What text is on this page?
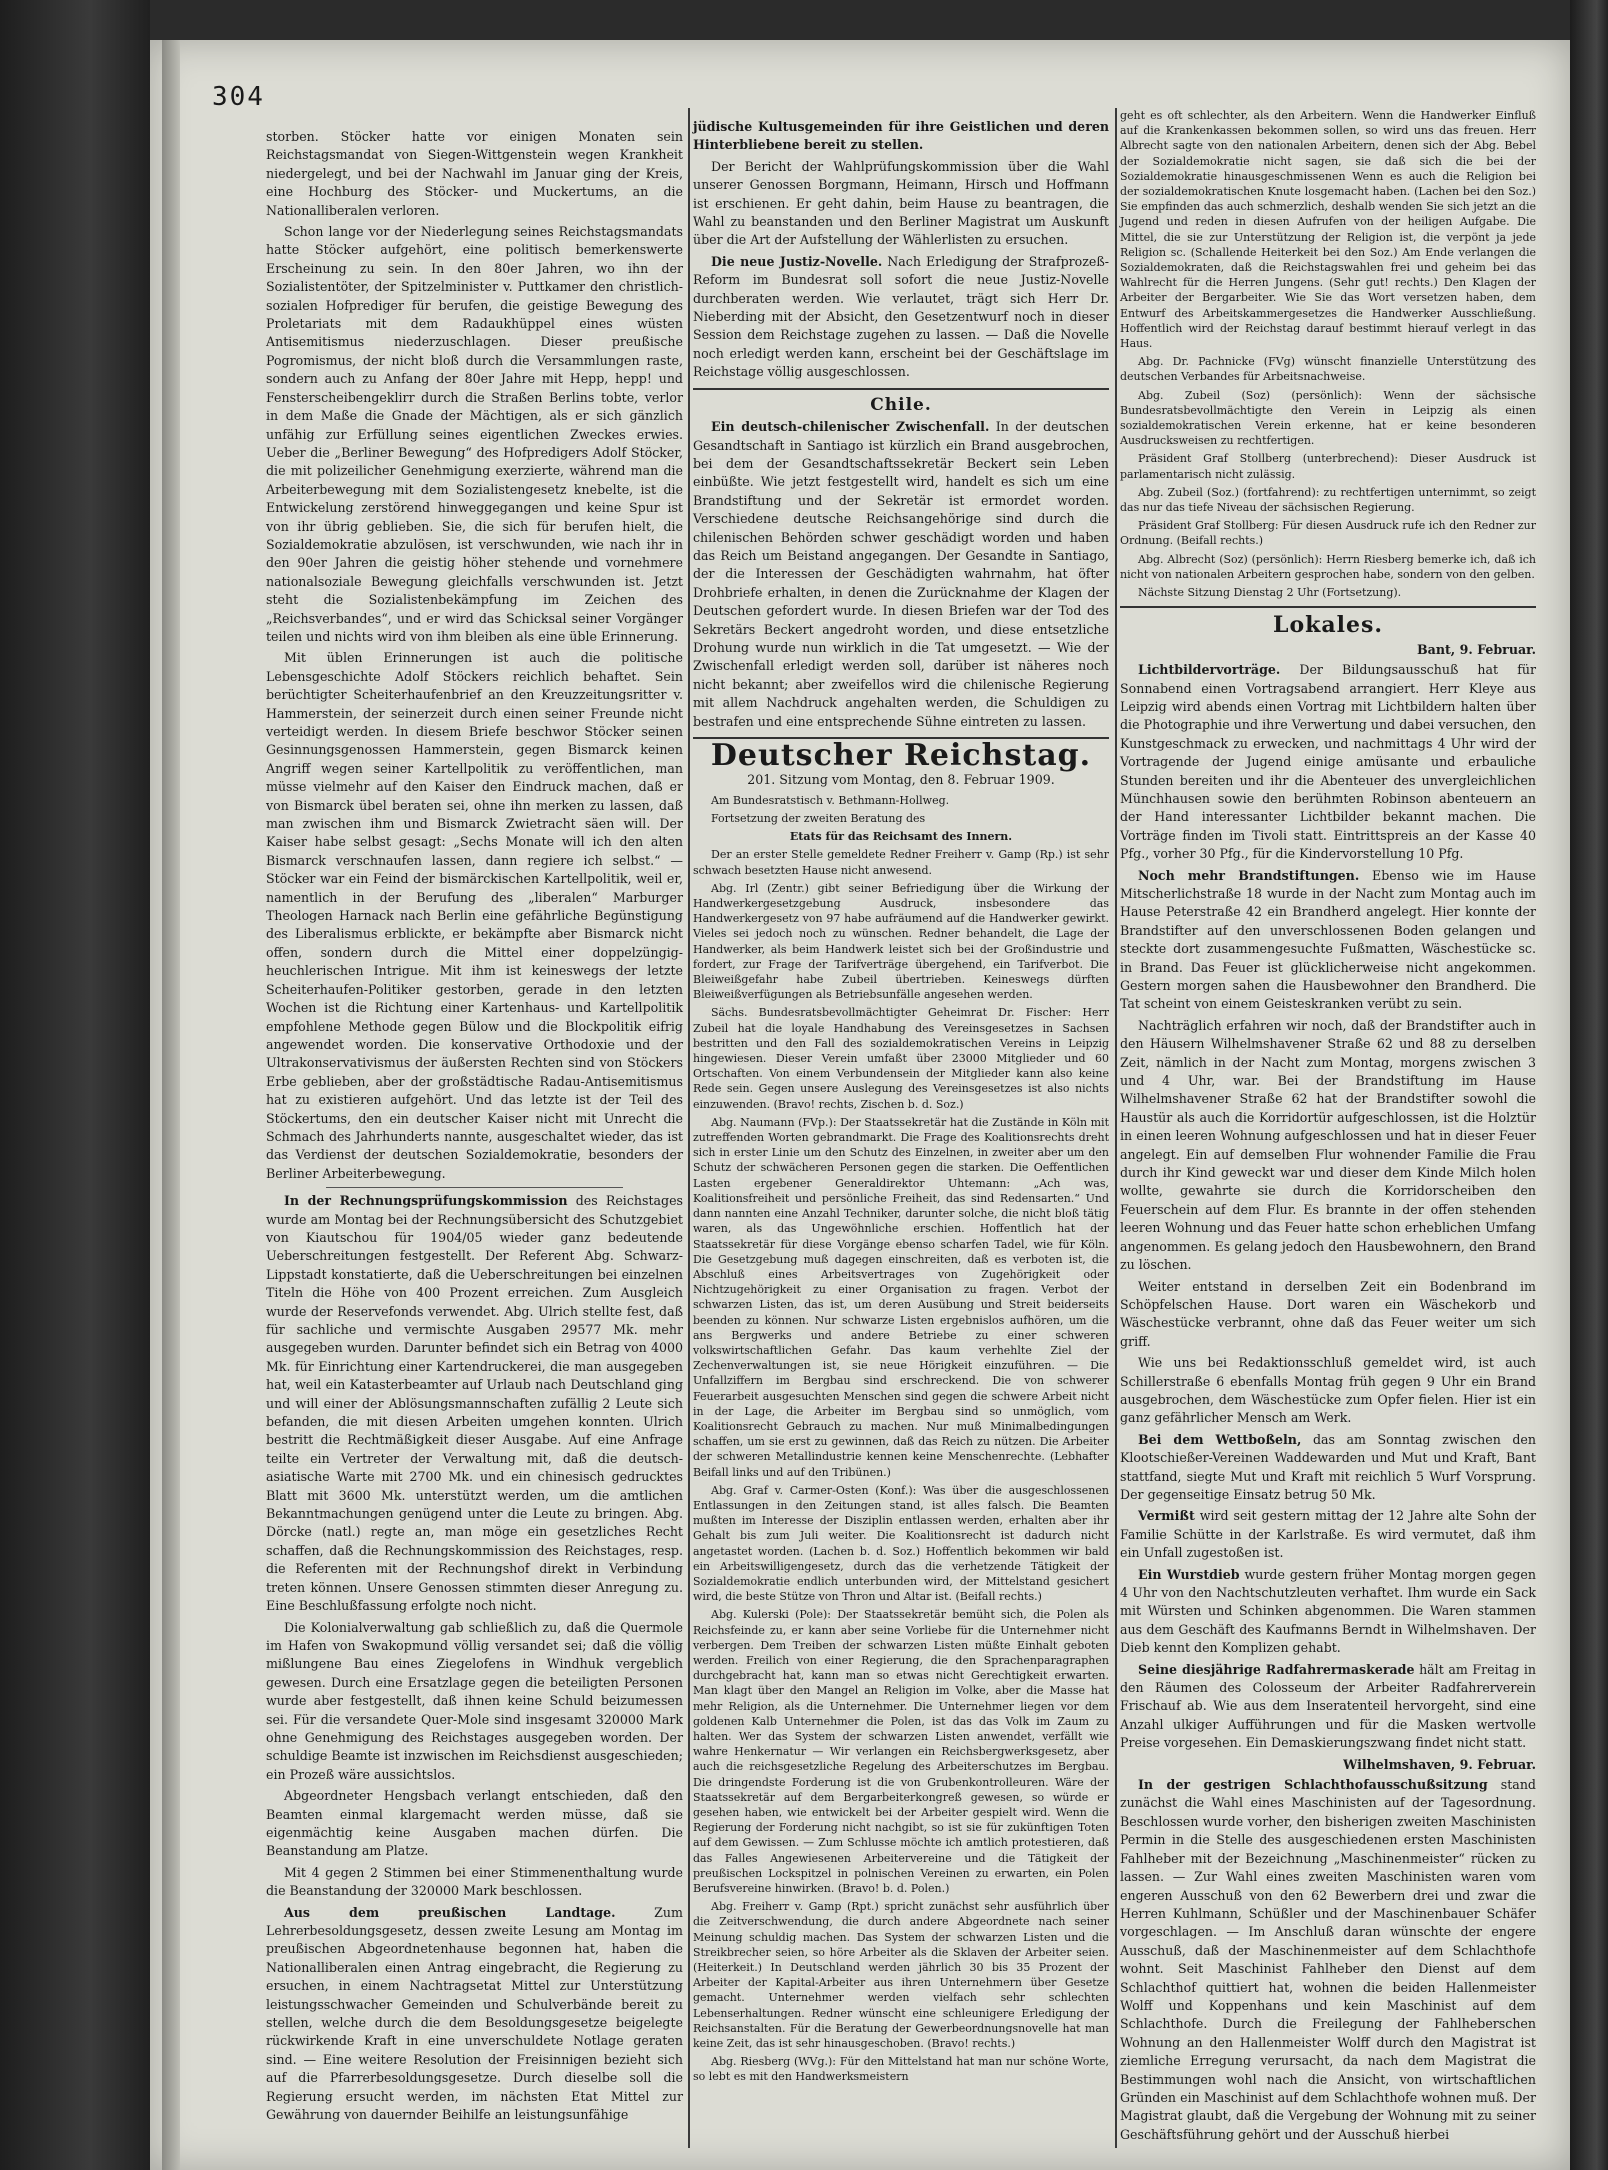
304

storben. Stöcker hatte vor einigen Monaten sein Reichstagsmandat von Siegen-Wittgenstein wegen Krankheit niedergelegt, und bei der Nachwahl im Januar ging der Kreis, eine Hochburg des Stöcker- und Muckertums, an die Nationalliberalen verloren.

Schon lange vor der Niederlegung seines Reichstagsmandats hatte Stöcker aufgehört, eine politisch bemerkenswerte Erscheinung zu sein. In den 80er Jahren, wo ihn der Sozialistentöter, der Spitzelminister v. Puttkamer den christlich-sozialen Hofprediger für berufen, die geistige Bewegung des Proletariats mit dem Radaukhüppel eines wüsten Antisemitismus niederzuschlagen. Dieser preußische Pogromismus, der nicht bloß durch die Versammlungen raste, sondern auch zu Anfang der 80er Jahre mit Hepp, hepp! und Fensterscheibengeklirr durch die Straßen Berlins tobte, verlor in dem Maße die Gnade der Mächtigen, als er sich gänzlich unfähig zur Erfüllung seines eigentlichen Zweckes erwies. Ueber die „Berliner Bewegung“ des Hofpredigers Adolf Stöcker, die mit polizeilicher Genehmigung exerzierte, während man die Arbeiterbewegung mit dem Sozialistengesetz knebelte, ist die Entwickelung zerstörend hinweggegangen und keine Spur ist von ihr übrig geblieben. Sie, die sich für berufen hielt, die Sozialdemokratie abzulösen, ist verschwunden, wie nach ihr in den 90er Jahren die geistig höher stehende und vornehmere nationalsoziale Bewegung gleichfalls verschwunden ist. Jetzt steht die Sozialistenbekämpfung im Zeichen des „Reichsverbandes“, und er wird das Schicksal seiner Vorgänger teilen und nichts wird von ihm bleiben als eine üble Erinnerung.

Mit üblen Erinnerungen ist auch die politische Lebensgeschichte Adolf Stöckers reichlich behaftet. Sein berüchtigter Scheiterhaufenbrief an den Kreuzzeitungsritter v. Hammerstein, der seinerzeit durch einen seiner Freunde nicht verteidigt werden. In diesem Briefe beschwor Stöcker seinen Gesinnungsgenossen Hammerstein, gegen Bismarck keinen Angriff wegen seiner Kartellpolitik zu veröffentlichen, man müsse vielmehr auf den Kaiser den Eindruck machen, daß er von Bismarck übel beraten sei, ohne ihn merken zu lassen, daß man zwischen ihm und Bismarck Zwietracht säen will. Der Kaiser habe selbst gesagt: „Sechs Monate will ich den alten Bismarck verschnaufen lassen, dann regiere ich selbst.“ — Stöcker war ein Feind der bismärckischen Kartellpolitik, weil er, namentlich in der Berufung des „liberalen“ Marburger Theologen Harnack nach Berlin eine gefährliche Begünstigung des Liberalismus erblickte, er bekämpfte aber Bismarck nicht offen, sondern durch die Mittel einer doppelzüngig-heuchlerischen Intrigue. Mit ihm ist keineswegs der letzte Scheiterhaufen-Politiker gestorben, gerade in den letzten Wochen ist die Richtung einer Kartenhaus- und Kartellpolitik empfohlene Methode gegen Bülow und die Blockpolitik eifrig angewendet worden. Die konservative Orthodoxie und der Ultrakonservativismus der äußersten Rechten sind von Stöckers Erbe geblieben, aber der großstädtische Radau-Antisemitismus hat zu existieren aufgehört. Und das letzte ist der Teil des Stöckertums, den ein deutscher Kaiser nicht mit Unrecht die Schmach des Jahrhunderts nannte, ausgeschaltet wieder, das ist das Verdienst der deutschen Sozialdemokratie, besonders der Berliner Arbeiterbewegung.

In der Rechnungsprüfungskommission des Reichstages wurde am Montag bei der Rechnungsübersicht des Schutzgebiet von Kiautschou für 1904/05 wieder ganz bedeutende Ueberschreitungen festgestellt. Der Referent Abg. Schwarz-Lippstadt konstatierte, daß die Ueberschreitungen bei einzelnen Titeln die Höhe von 400 Prozent erreichen. Zum Ausgleich wurde der Reservefonds verwendet. Abg. Ulrich stellte fest, daß für sachliche und vermischte Ausgaben 29577 Mk. mehr ausgegeben wurden. Darunter befindet sich ein Betrag von 4000 Mk. für Einrichtung einer Kartendruckerei, die man ausgegeben hat, weil ein Katasterbeamter auf Urlaub nach Deutschland ging und will einer der Ablösungsmannschaften zufällig 2 Leute sich befanden, die mit diesen Arbeiten umgehen konnten. Ulrich bestritt die Rechtmäßigkeit dieser Ausgabe. Auf eine Anfrage teilte ein Vertreter der Verwaltung mit, daß die deutsch-asiatische Warte mit 2700 Mk. und ein chinesisch gedrucktes Blatt mit 3600 Mk. unterstützt werden, um die amtlichen Bekanntmachungen genügend unter die Leute zu bringen. Abg. Dörcke (natl.) regte an, man möge ein gesetzliches Recht schaffen, daß die Rechnungskommission des Reichstages, resp. die Referenten mit der Rechnungshof direkt in Verbindung treten können. Unsere Genossen stimmten dieser Anregung zu. Eine Beschlußfassung erfolgte noch nicht.

Die Kolonialverwaltung gab schließlich zu, daß die Quermole im Hafen von Swakopmund völlig versandet sei; daß die völlig mißlungene Bau eines Ziegelofens in Windhuk vergeblich gewesen. Durch eine Ersatzlage gegen die beteiligten Personen wurde aber festgestellt, daß ihnen keine Schuld beizumessen sei. Für die versandete Quer-Mole sind insgesamt 320000 Mark ohne Genehmigung des Reichstages ausgegeben worden. Der schuldige Beamte ist inzwischen im Reichsdienst ausgeschieden; ein Prozeß wäre aussichtslos.

Abgeordneter Hengsbach verlangt entschieden, daß den Beamten einmal klargemacht werden müsse, daß sie eigenmächtig keine Ausgaben machen dürfen. Die Beanstandung am Platze.

Mit 4 gegen 2 Stimmen bei einer Stimmenenthaltung wurde die Beanstandung der 320000 Mark beschlossen.

Aus dem preußischen Landtage.	Zum Lehrerbesoldungsgesetz, dessen zweite Lesung am Montag im preußischen Abgeordnetenhause begonnen hat, haben die Nationalliberalen einen Antrag eingebracht, die Regierung zu ersuchen, in einem Nachtragsetat Mittel zur Unterstützung leistungsschwacher Gemeinden und Schulverbände bereit zu stellen, welche durch die dem Besoldungsgesetze beigelegte rückwirkende Kraft in eine unverschuldete Notlage geraten sind. — Eine weitere Resolution der Freisinnigen bezieht sich auf die Pfarrerbesoldungsgesetze. Durch dieselbe soll die Regierung ersucht werden, im nächsten Etat Mittel zur Gewährung von dauernder Beihilfe an leistungsunfähige

jüdische Kultusgemeinden für ihre Geistlichen und deren Hinterbliebene bereit zu stellen.

Der Bericht der Wahlprüfungskommission über die Wahl unserer Genossen Borgmann, Heimann, Hirsch und Hoffmann ist erschienen. Er geht dahin, beim Hause zu beantragen, die Wahl zu beanstanden und den Berliner Magistrat um Auskunft über die Art der Aufstellung der Wählerlisten zu ersuchen.

Die neue Justiz-Novelle. Nach Erledigung der Strafprozeß-Reform im Bundesrat soll sofort die neue Justiz-Novelle durchberaten werden. Wie verlautet, trägt sich Herr Dr. Nieberding mit der Absicht, den Gesetzentwurf noch in dieser Session dem Reichstage zugehen zu lassen. — Daß die Novelle noch erledigt werden kann, erscheint bei der Geschäftslage im Reichstage völlig ausgeschlossen.

Chile.

Ein deutsch-chilenischer Zwischenfall. In der deutschen Gesandtschaft in Santiago ist kürzlich ein Brand ausgebrochen, bei dem der Gesandtschaftssekretär Beckert sein Leben einbüßte. Wie jetzt festgestellt wird, handelt es sich um eine Brandstiftung und der Sekretär ist ermordet worden. Verschiedene deutsche Reichsangehörige sind durch die chilenischen Behörden schwer geschädigt worden und haben das Reich um Beistand angegangen. Der Gesandte in Santiago, der die Interessen der Geschädigten wahrnahm, hat öfter Drohbriefe erhalten, in denen die Zurücknahme der Klagen der Deutschen gefordert wurde. In diesen Briefen war der Tod des Sekretärs Beckert angedroht worden, und diese entsetzliche Drohung wurde nun wirklich in die Tat umgesetzt. — Wie der Zwischenfall erledigt werden soll, darüber ist näheres noch nicht bekannt; aber zweifellos wird die chilenische Regierung mit allem Nachdruck angehalten werden, die Schuldigen zu bestrafen und eine entsprechende Sühne eintreten zu lassen.

Deutscher Reichstag.

201. Sitzung vom Montag, den 8. Februar 1909.

Am Bundesratstisch v. Bethmann-Hollweg.

Fortsetzung der zweiten Beratung des

Etats für das Reichsamt des Innern.

Der an erster Stelle gemeldete Redner Freiherr v. Gamp (Rp.) ist sehr schwach besetzten Hause nicht anwesend.

Abg. Irl (Zentr.) gibt seiner Befriedigung über die Wirkung der Handwerkergesetzgebung Ausdruck, insbesondere das Handwerkergesetz von 97 habe aufräumend auf die Handwerker gewirkt. Vieles sei jedoch noch zu wünschen. Redner behandelt, die Lage der Handwerker, als beim Handwerk leistet sich bei der Großindustrie und fordert, zur Frage der Tarifverträge übergehend, ein Tarifverbot. Die Bleiweißgefahr habe Zubeil übertrieben. Keineswegs dürften Bleiweißverfügungen als Betriebsunfälle angesehen werden.

Sächs. Bundesratsbevollmächtigter Geheimrat Dr. Fischer: Herr Zubeil hat die loyale Handhabung des Vereinsgesetzes in Sachsen bestritten und den Fall des sozialdemokratischen Vereins in Leipzig hingewiesen. Dieser Verein umfaßt über 23000 Mitglieder und 60 Ortschaften. Von einem Verbundensein der Mitglieder kann also keine Rede sein. Gegen unsere Auslegung des Vereinsgesetzes ist also nichts einzuwenden. (Bravo! rechts, Zischen b. d. Soz.)

Abg. Naumann (FVp.): Der Staatssekretär hat die Zustände in Köln mit zutreffenden Worten gebrandmarkt. Die Frage des Koalitionsrechts dreht sich in erster Linie um den Schutz des Einzelnen, in zweiter aber um den Schutz der schwächeren Personen gegen die starken. Die Oeffentlichen Lasten ergebener Generaldirektor Uhtemann: „Ach was, Koalitionsfreiheit und persönliche Freiheit, das sind Redensarten.“ Und dann nannten eine Anzahl Techniker, darunter solche, die nicht bloß tätig waren, als das Ungewöhnliche erschien. Hoffentlich hat der Staatssekretär für diese Vorgänge ebenso scharfen Tadel, wie für Köln. Die Gesetzgebung muß dagegen einschreiten, daß es verboten ist, die Abschluß eines Arbeitsvertrages von Zugehörigkeit oder Nichtzugehörigkeit zu einer Organisation zu fragen. Verbot der schwarzen Listen, das ist, um deren Ausübung und Streit beiderseits beenden zu können. Nur schwarze Listen ergebnislos aufhören, um die ans Bergwerks und andere Betriebe zu einer schweren volkswirtschaftlichen Gefahr. Das kaum verhehlte Ziel der Zechenverwaltungen ist, sie neue Hörigkeit einzuführen. — Die Unfallziffern im Bergbau sind erschreckend. Die von schwerer Feuerarbeit ausgesuchten Menschen sind gegen die schwere Arbeit nicht in der Lage, die Arbeiter im Bergbau sind so unmöglich, vom Koalitionsrecht Gebrauch zu machen. Nur muß Minimalbedingungen schaffen, um sie erst zu gewinnen, daß das Reich zu nützen. Die Arbeiter der schweren Metallindustrie kennen keine Menschenrechte. (Lebhafter Beifall links und auf den Tribünen.)

Abg. Graf v. Carmer-Osten (Konf.): Was über die ausgeschlossenen Entlassungen in den Zeitungen stand, ist alles falsch. Die Beamten mußten im Interesse der Disziplin entlassen werden, erhalten aber ihr Gehalt bis zum Juli weiter. Die Koalitionsrecht ist dadurch nicht angetastet worden. (Lachen b. d. Soz.) Hoffentlich bekommen wir bald ein Arbeitswilligengesetz, durch das die verhetzende Tätigkeit der Sozialdemokratie endlich unterbunden wird, der Mittelstand gesichert wird, die beste Stütze von Thron und Altar ist. (Beifall rechts.)

Abg. Kulerski (Pole): Der Staatssekretär bemüht sich, die Polen als Reichsfeinde zu, er kann aber seine Vorliebe für die Unternehmer nicht verbergen. Dem Treiben der schwarzen Listen müßte Einhalt geboten werden. Freilich von einer Regierung, die den Sprachenparagraphen durchgebracht hat, kann man so etwas nicht Gerechtigkeit erwarten. Man klagt über den Mangel an Religion im Volke, aber die Masse hat mehr Religion, als die Unternehmer. Die Unternehmer liegen vor dem goldenen Kalb Unternehmer die Polen, ist das das Volk im Zaum zu halten. Wer das System der schwarzen Listen anwendet, verfällt wie wahre Henkernatur — Wir verlangen ein Reichsbergwerksgesetz, aber auch die reichsgesetzliche Regelung des Arbeiterschutzes im Bergbau. Die dringendste Forderung ist die von Grubenkontrolleuren. Wäre der Staatssekretär auf dem Bergarbeiterkongreß gewesen, so würde er gesehen haben, wie entwickelt bei der Arbeiter gespielt wird. Wenn die Regierung der Forderung nicht nachgibt, so ist sie für zukünftigen Toten auf dem Gewissen. — Zum Schlusse möchte ich amtlich protestieren, daß das Falles Angewiesenen Arbeitervereine und die Tätigkeit der preußischen Lockspitzel in polnischen Vereinen zu erwarten, ein Polen Berufsvereine hinwirken. (Bravo! b. d. Polen.)

Abg. Freiherr v. Gamp (Rpt.) spricht zunächst sehr ausführlich über die Zeitverschwendung, die durch andere Abgeordnete nach seiner Meinung schuldig machen. Das System der schwarzen Listen und die Streikbrecher seien, so höre Arbeiter als die Sklaven der Arbeiter seien. (Heiterkeit.) In Deutschland werden jährlich 30 bis 35 Prozent der Arbeiter der Kapital-Arbeiter aus ihren Unternehmern über Gesetze gemacht. Unternehmer werden vielfach sehr schlechten Lebenserhaltungen. Redner wünscht eine schleunigere Erledigung der Reichsanstalten. Für die Beratung der Gewerbeordnungsnovelle hat man keine Zeit, das ist sehr hinausgeschoben. (Bravo! rechts.)

Abg. Riesberg (WVg.): Für den Mittelstand hat man nur schöne Worte, so lebt es mit den Handwerksmeistern

geht es oft schlechter, als den Arbeitern. Wenn die Handwerker Einfluß auf die Krankenkassen bekommen sollen, so wird uns das freuen. Herr Albrecht sagte von den nationalen Arbeitern, denen sich der Abg. Bebel der Sozialdemokratie nicht sagen, sie daß sich die bei der Sozialdemokratie hinausgeschmissenen Wenn es auch die Religion bei der sozialdemokratischen Knute losgemacht haben. (Lachen bei den Soz.) Sie empfinden das auch schmerzlich, deshalb wenden Sie sich jetzt an die Jugend und reden in diesen Aufrufen von der heiligen Aufgabe. Die Mittel, die sie zur Unterstützung der Religion ist, die verpönt ja jede Religion sc. (Schallende Heiterkeit bei den Soz.) Am Ende verlangen die Sozialdemokraten, daß die Reichstagswahlen frei und geheim bei das Wahlrecht für die Herren Jungens. (Sehr gut! rechts.) Den Klagen der Arbeiter der Bergarbeiter. Wie Sie das Wort versetzen haben, dem Entwurf des Arbeitskammergesetzes die Handwerker Ausschließung. Hoffentlich wird der Reichstag darauf bestimmt hierauf verlegt in das Haus.

Abg. Dr. Pachnicke (FVg) wünscht finanzielle Unterstützung des deutschen Verbandes für Arbeitsnachweise.

Abg. Zubeil (Soz) (persönlich): Wenn der sächsische Bundesratsbevollmächtigte den Verein in Leipzig als einen sozialdemokratischen Verein erkenne, hat er keine besonderen Ausdrucksweisen zu rechtfertigen.

Präsident Graf Stollberg (unterbrechend): Dieser Ausdruck ist parlamentarisch nicht zulässig.

Abg. Zubeil (Soz.) (fortfahrend): zu rechtfertigen unternimmt, so zeigt das nur das tiefe Niveau der sächsischen Regierung.

Präsident Graf Stollberg: Für diesen Ausdruck rufe ich den Redner zur Ordnung. (Beifall rechts.)

Abg. Albrecht (Soz) (persönlich): Herrn Riesberg bemerke ich, daß ich nicht von nationalen Arbeitern gesprochen habe, sondern von den gelben.

Nächste Sitzung Dienstag 2 Uhr (Fortsetzung).

Lokales.

Bant, 9. Februar.

Lichtbildervorträge. Der Bildungsausschuß hat für Sonnabend einen Vortragsabend arrangiert. Herr Kleye aus Leipzig wird abends einen Vortrag mit Lichtbildern halten über die Photographie und ihre Verwertung und dabei versuchen, den Kunstgeschmack zu erwecken, und nachmittags 4 Uhr wird der Vortragende der Jugend einige amüsante und erbauliche Stunden bereiten und ihr die Abenteuer des unvergleichlichen Münchhausen sowie den berühmten Robinson abenteuern an der Hand interessanter Lichtbilder bekannt machen. Die Vorträge finden im Tivoli statt. Eintrittspreis an der Kasse 40 Pfg., vorher 30 Pfg., für die Kindervorstellung 10 Pfg.

Noch mehr Brandstiftungen. Ebenso wie im Hause Mitscherlichstraße 18 wurde in der Nacht zum Montag auch im Hause Peterstraße 42 ein Brandherd angelegt. Hier konnte der Brandstifter auf den unverschlossenen Boden gelangen und steckte dort zusammengesuchte Fußmatten, Wäschestücke sc. in Brand. Das Feuer ist glücklicherweise nicht angekommen. Gestern morgen sahen die Hausbewohner den Brandherd. Die Tat scheint von einem Geisteskranken verübt zu sein.

Nachträglich erfahren wir noch, daß der Brandstifter auch in den Häusern Wilhelmshavener Straße 62 und 88 zu derselben Zeit, nämlich in der Nacht zum Montag, morgens zwischen 3 und 4 Uhr, war. Bei der Brandstiftung im Hause Wilhelmshavener Straße 62 hat der Brandstifter sowohl die Haustür als auch die Korridortür aufgeschlossen, ist die Holztür in einen leeren Wohnung aufgeschlossen und hat in dieser Feuer angelegt. Ein auf demselben Flur wohnender Familie die Frau durch ihr Kind geweckt war und dieser dem Kinde Milch holen wollte, gewahrte sie durch die Korridorscheiben den Feuerschein auf dem Flur. Es brannte in der offen stehenden leeren Wohnung und das Feuer hatte schon erheblichen Umfang angenommen. Es gelang jedoch den Hausbewohnern, den Brand zu löschen.

Weiter entstand in derselben Zeit ein Bodenbrand im Schöpfelschen Hause. Dort waren ein Wäschekorb und Wäschestücke verbrannt, ohne daß das Feuer weiter um sich griff.

Wie uns bei Redaktionsschluß gemeldet wird, ist auch Schillerstraße 6 ebenfalls Montag früh gegen 9 Uhr ein Brand ausgebrochen, dem Wäschestücke zum Opfer fielen. Hier ist ein ganz gefährlicher Mensch am Werk.

Bei dem Wettboßeln, das am Sonntag zwischen den Klootschießer-Vereinen Waddewarden und Mut und Kraft, Bant stattfand, siegte Mut und Kraft mit reichlich 5 Wurf Vorsprung. Der gegenseitige Einsatz betrug 50 Mk.

Vermißt wird seit gestern mittag der 12 Jahre alte Sohn der Familie Schütte in der Karlstraße. Es wird vermutet, daß ihm ein Unfall zugestoßen ist.

Ein Wurstdieb wurde gestern früher Montag morgen gegen 4 Uhr von den Nachtschutzleuten verhaftet. Ihm wurde ein Sack mit Würsten und Schinken abgenommen. Die Waren stammen aus dem Geschäft des Kaufmanns Berndt in Wilhelmshaven. Der Dieb kennt den Komplizen gehabt.

Seine diesjährige Radfahrermaskerade hält am Freitag in den Räumen des Colosseum der Arbeiter Radfahrerverein Frischauf ab. Wie aus dem Inseratenteil hervorgeht, sind eine Anzahl ulkiger Aufführungen und für die Masken wertvolle Preise vorgesehen. Ein Demaskierungszwang findet nicht statt.

Wilhelmshaven, 9. Februar.

In der gestrigen Schlachthofausschußsitzung stand zunächst die Wahl eines Maschinisten auf der Tagesordnung. Beschlossen wurde vorher, den bisherigen zweiten Maschinisten Permin in die Stelle des ausgeschiedenen ersten Maschinisten Fahlheber mit der Bezeichnung „Maschinenmeister“ rücken zu lassen. — Zur Wahl eines zweiten Maschinisten waren vom engeren Ausschuß von den 62 Bewerbern drei und zwar die Herren Kuhlmann, Schüßler und der Maschinenbauer Schäfer vorgeschlagen. — Im Anschluß daran wünschte der engere Ausschuß, daß der Maschinenmeister auf dem Schlachthofe wohnt. Seit Maschinist Fahlheber den Dienst auf dem Schlachthof quittiert hat, wohnen die beiden Hallenmeister Wolff und Koppenhans und kein Maschinist auf dem Schlachthofe. Durch die Freilegung der Fahlheberschen Wohnung an den Hallenmeister Wolff durch den Magistrat ist ziemliche Erregung verursacht, da nach dem Magistrat die Bestimmungen wohl nach die Ansicht, von wirtschaftlichen Gründen ein Maschinist auf dem Schlachthofe wohnen muß. Der Magistrat glaubt, daß die Vergebung der Wohnung mit zu seiner Geschäftsführung gehört und der Ausschuß hierbei
